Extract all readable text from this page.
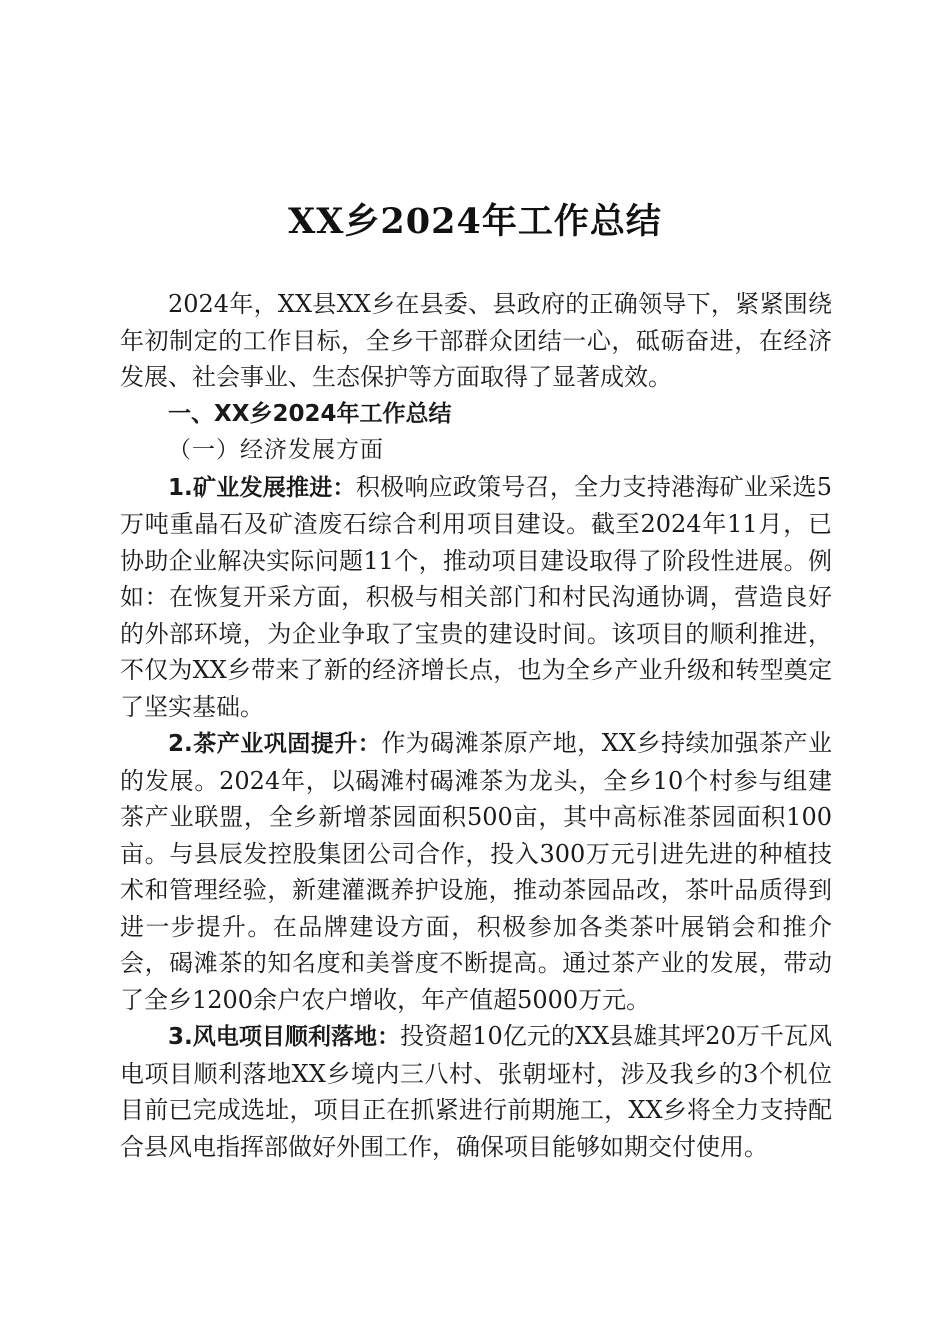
XX乡2024年工作总结

2024年，XX县XX乡在县委、县政府的正确领导下，紧紧围绕年初制定的工作目标，全乡干部群众团结一心，砥砺奋进，在经济发展、社会事业、生态保护等方面取得了显著成效。

一、XX乡2024年工作总结

（一）经济发展方面

1.矿业发展推进：积极响应政策号召，全力支持港海矿业采选5万吨重晶石及矿渣废石综合利用项目建设。截至2024年11月，已协助企业解决实际问题11个，推动项目建设取得了阶段性进展。例如：在恢复开采方面，积极与相关部门和村民沟通协调，营造良好的外部环境，为企业争取了宝贵的建设时间。该项目的顺利推进，不仅为XX乡带来了新的经济增长点，也为全乡产业升级和转型奠定了坚实基础。

2.茶产业巩固提升：作为碣滩茶原产地，XX乡持续加强茶产业的发展。2024年，以碣滩村碣滩茶为龙头，全乡10个村参与组建茶产业联盟，全乡新增茶园面积500亩，其中高标准茶园面积100亩。与县辰发控股集团公司合作，投入300万元引进先进的种植技术和管理经验，新建灌溉养护设施，推动茶园品改，茶叶品质得到进一步提升。在品牌建设方面，积极参加各类茶叶展销会和推介会，碣滩茶的知名度和美誉度不断提高。通过茶产业的发展，带动了全乡1200余户农户增收，年产值超5000万元。

3.风电项目顺利落地：投资超10亿元的XX县雄其坪20万千瓦风电项目顺利落地XX乡境内三八村、张朝垭村，涉及我乡的3个机位目前已完成选址，项目正在抓紧进行前期施工，XX乡将全力支持配合县风电指挥部做好外围工作，确保项目能够如期交付使用。
